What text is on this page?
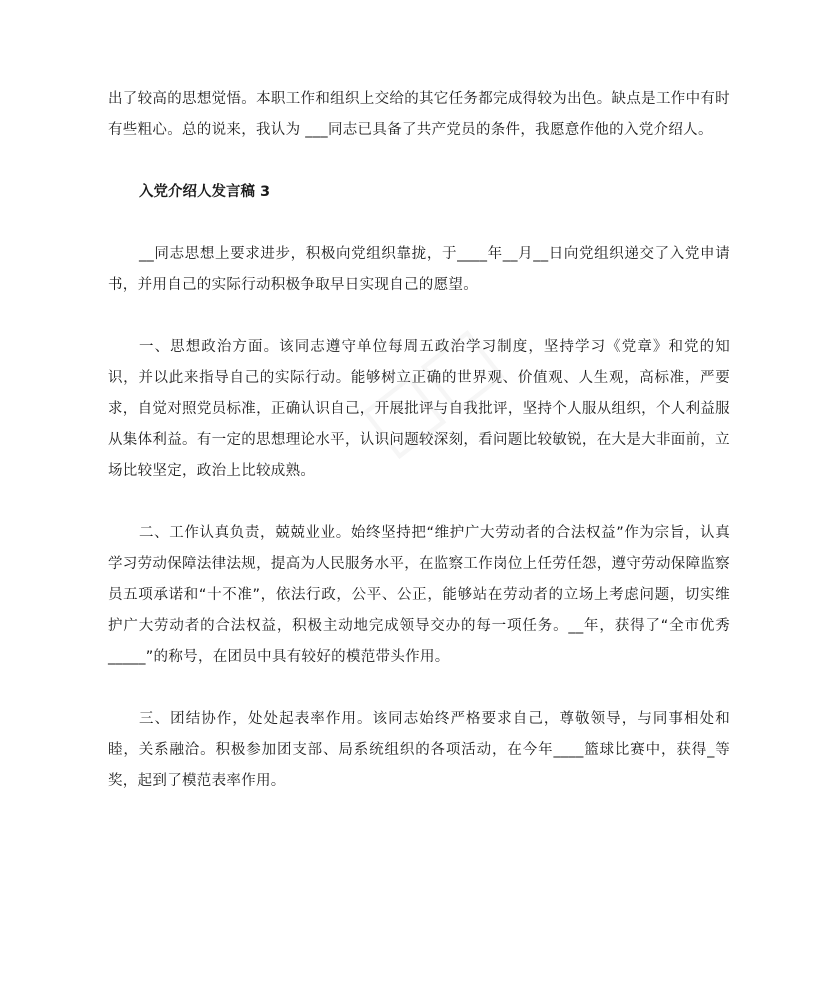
□□

出了较高的思想觉悟。本职工作和组织上交给的其它任务都完成得较为出色。缺点是工作中有时有些粗心。总的说来，我认为 ___同志已具备了共产党员的条件，我愿意作他的入党介绍人。

入党介绍人发言稿 3

__同志思想上要求进步，积极向党组织靠拢，于____年__月__日向党组织递交了入党申请书，并用自己的实际行动积极争取早日实现自己的愿望。

一、思想政治方面。该同志遵守单位每周五政治学习制度，坚持学习《党章》和党的知识，并以此来指导自己的实际行动。能够树立正确的世界观、价值观、人生观，高标准，严要求，自觉对照党员标准，正确认识自己，开展批评与自我批评，坚持个人服从组织，个人利益服从集体利益。有一定的思想理论水平，认识问题较深刻，看问题比较敏锐，在大是大非面前，立场比较坚定，政治上比较成熟。

二、工作认真负责，兢兢业业。始终坚持把“维护广大劳动者的合法权益”作为宗旨，认真学习劳动保障法律法规，提高为人民服务水平，在监察工作岗位上任劳任怨，遵守劳动保障监察员五项承诺和“十不准”，依法行政，公平、公正，能够站在劳动者的立场上考虑问题，切实维护广大劳动者的合法权益，积极主动地完成领导交办的每一项任务。__年，获得了“全市优秀_____”的称号，在团员中具有较好的模范带头作用。

三、团结协作，处处起表率作用。该同志始终严格要求自己，尊敬领导，与同事相处和睦，关系融洽。积极参加团支部、局系统组织的各项活动，在今年____篮球比赛中，获得_等奖，起到了模范表率作用。
